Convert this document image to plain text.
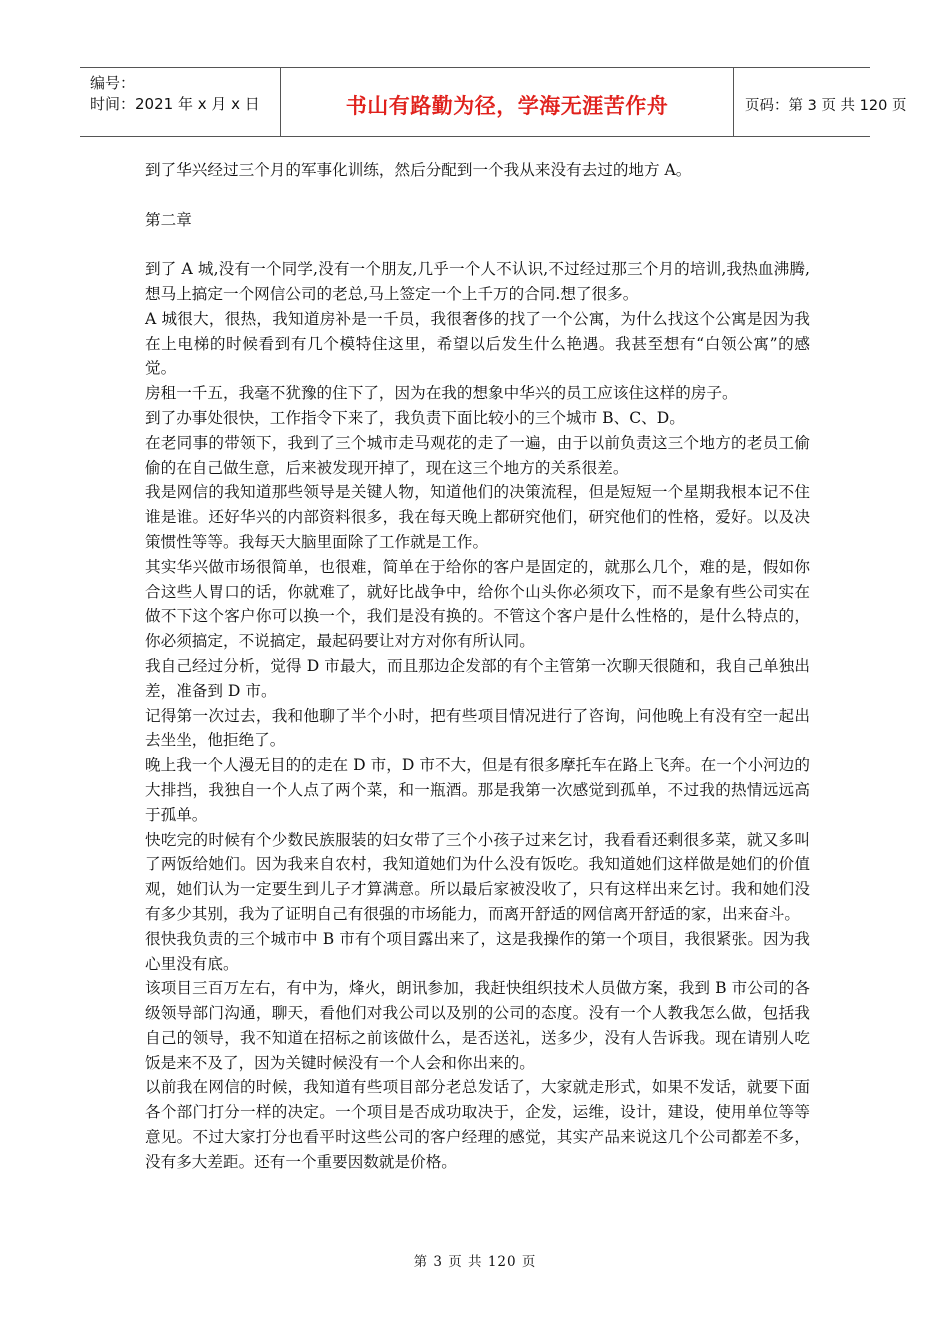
编号：
时间：2021 年 x 月 x 日	书山有路勤为径，学海无涯苦作舟	页码：第 3 页 共 120 页

到了华兴经过三个月的军事化训练，然后分配到一个我从来没有去过的地方 A。

第二章

到了 A 城,没有一个同学,没有一个朋友,几乎一个人不认识,不过经过那三个月的培训,我热血沸腾,想马上搞定一个网信公司的老总,马上签定一个上千万的合同.想了很多。

A 城很大，很热，我知道房补是一千员，我很奢侈的找了一个公寓，为什么找这个公寓是因为我在上电梯的时候看到有几个模特住这里，希望以后发生什么艳遇。我甚至想有“白领公寓”的感觉。

房租一千五，我毫不犹豫的住下了，因为在我的想象中华兴的员工应该住这样的房子。

到了办事处很快，工作指令下来了，我负责下面比较小的三个城市 B、C、D。

在老同事的带领下，我到了三个城市走马观花的走了一遍，由于以前负责这三个地方的老员工偷偷的在自己做生意，后来被发现开掉了，现在这三个地方的关系很差。

我是网信的我知道那些领导是关键人物，知道他们的决策流程，但是短短一个星期我根本记不住谁是谁。还好华兴的内部资料很多，我在每天晚上都研究他们，研究他们的性格，爱好。以及决策惯性等等。我每天大脑里面除了工作就是工作。

其实华兴做市场很简单，也很难，简单在于给你的客户是固定的，就那么几个，难的是，假如你合这些人胃口的话，你就难了，就好比战争中，给你个山头你必须攻下，而不是象有些公司实在做不下这个客户你可以换一个，我们是没有换的。不管这个客户是什么性格的，是什么特点的，你必须搞定，不说搞定，最起码要让对方对你有所认同。

我自己经过分析，觉得 D 市最大，而且那边企发部的有个主管第一次聊天很随和，我自己单独出差，准备到 D 市。

记得第一次过去，我和他聊了半个小时，把有些项目情况进行了咨询，问他晚上有没有空一起出去坐坐，他拒绝了。

晚上我一个人漫无目的的走在 D 市，D 市不大，但是有很多摩托车在路上飞奔。在一个小河边的大排挡，我独自一个人点了两个菜，和一瓶酒。那是我第一次感觉到孤单，不过我的热情远远高于孤单。

快吃完的时候有个少数民族服装的妇女带了三个小孩子过来乞讨，我看看还剩很多菜，就又多叫了两饭给她们。因为我来自农村，我知道她们为什么没有饭吃。我知道她们这样做是她们的价值观，她们认为一定要生到儿子才算满意。所以最后家被没收了，只有这样出来乞讨。我和她们没有多少其别，我为了证明自己有很强的市场能力，而离开舒适的网信离开舒适的家，出来奋斗。

很快我负责的三个城市中 B 市有个项目露出来了，这是我操作的第一个项目，我很紧张。因为我心里没有底。

该项目三百万左右，有中为，烽火，朗讯参加，我赶快组织技术人员做方案，我到 B 市公司的各级领导部门沟通，聊天，看他们对我公司以及别的公司的态度。没有一个人教我怎么做，包括我自己的领导，我不知道在招标之前该做什么，是否送礼，送多少，没有人告诉我。现在请别人吃饭是来不及了，因为关键时候没有一个人会和你出来的。

以前我在网信的时候，我知道有些项目部分老总发话了，大家就走形式，如果不发话，就要下面各个部门打分一样的决定。一个项目是否成功取决于，企发，运维，设计，建设，使用单位等等意见。不过大家打分也看平时这些公司的客户经理的感觉，其实产品来说这几个公司都差不多，没有多大差距。还有一个重要因数就是价格。

第 3 页 共 120 页
